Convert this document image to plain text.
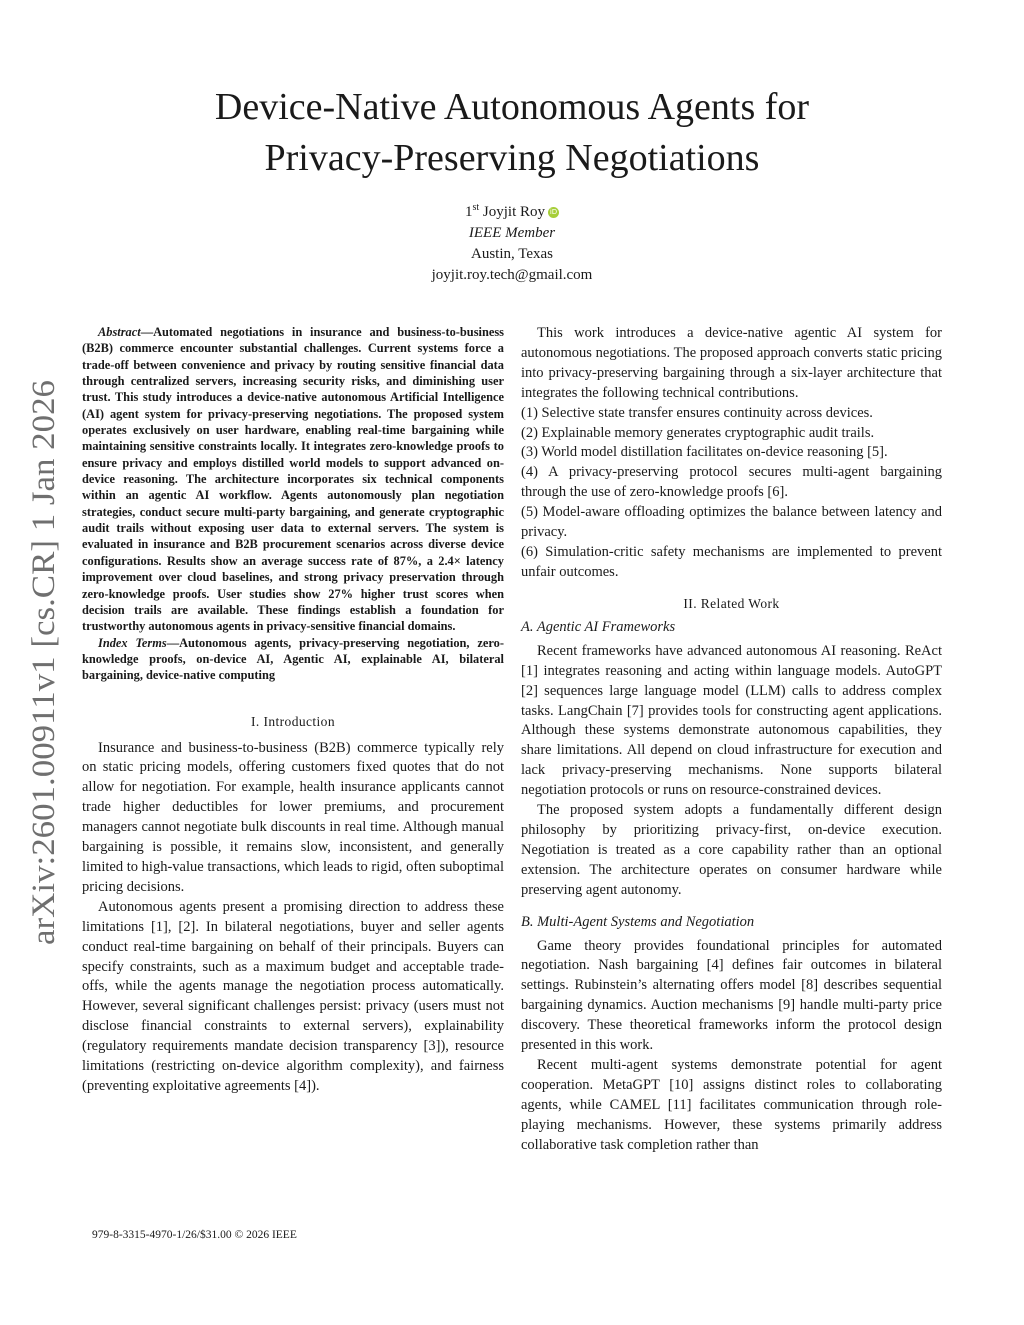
arXiv:2601.00911v1 [cs.CR] 1 Jan 2026
Device-Native Autonomous Agents for
Privacy-Preserving Negotiations
1st Joyjit Roy iD
IEEE Member
Austin, Texas
joyjit.roy.tech@gmail.com

Abstract—Automated negotiations in insurance and business-to-business (B2B) commerce encounter substantial challenges. Current systems force a trade-off between convenience and privacy by routing sensitive financial data through centralized servers, increasing security risks, and diminishing user trust. This study introduces a device-native autonomous Artificial Intelligence (AI) agent system for privacy-preserving negotiations. The proposed system operates exclusively on user hardware, enabling real-time bargaining while maintaining sensitive constraints locally. It integrates zero-knowledge proofs to ensure privacy and employs distilled world models to support advanced on-device reasoning. The architecture incorporates six technical components within an agentic AI workflow. Agents autonomously plan negotiation strategies, conduct secure multi-party bargaining, and generate cryptographic audit trails without exposing user data to external servers. The system is evaluated in insurance and B2B procurement scenarios across diverse device configurations. Results show an average success rate of 87%, a 2.4× latency improvement over cloud baselines, and strong privacy preservation through zero-knowledge proofs. User studies show 27% higher trust scores when decision trails are available. These findings establish a foundation for trustworthy autonomous agents in privacy-sensitive financial domains.

Index Terms—Autonomous agents, privacy-preserving negotiation, zero-knowledge proofs, on-device AI, Agentic AI, explainable AI, bilateral bargaining, device-native computing

I. Introduction

Insurance and business-to-business (B2B) commerce typically rely on static pricing models, offering customers fixed quotes that do not allow for negotiation. For example, health insurance applicants cannot trade higher deductibles for lower premiums, and procurement managers cannot negotiate bulk discounts in real time. Although manual bargaining is possible, it remains slow, inconsistent, and generally limited to high-value transactions, which leads to rigid, often suboptimal pricing decisions.

Autonomous agents present a promising direction to address these limitations [1], [2]. In bilateral negotiations, buyer and seller agents conduct real-time bargaining on behalf of their principals. Buyers can specify constraints, such as a maximum budget and acceptable trade-offs, while the agents manage the negotiation process automatically. However, several significant challenges persist: privacy (users must not disclose financial constraints to external servers), explainability (regulatory requirements mandate decision transparency [3]), resource limitations (restricting on-device algorithm complexity), and fairness (preventing exploitative agreements [4]).

This work introduces a device-native agentic AI system for autonomous negotiations. The proposed approach converts static pricing into privacy-preserving bargaining through a six-layer architecture that integrates the following technical contributions.

(1) Selective state transfer ensures continuity across devices.

(2) Explainable memory generates cryptographic audit trails.

(3) World model distillation facilitates on-device reasoning [5].

(4) A privacy-preserving protocol secures multi-agent bargaining through the use of zero-knowledge proofs [6].

(5) Model-aware offloading optimizes the balance between latency and privacy.

(6) Simulation-critic safety mechanisms are implemented to prevent unfair outcomes.

II. Related Work

A. Agentic AI Frameworks

Recent frameworks have advanced autonomous AI reasoning. ReAct [1] integrates reasoning and acting within language models. AutoGPT [2] sequences large language model (LLM) calls to address complex tasks. LangChain [7] provides tools for constructing agent applications. Although these systems demonstrate autonomous capabilities, they share limitations. All depend on cloud infrastructure for execution and lack privacy-preserving mechanisms. None supports bilateral negotiation protocols or runs on resource-constrained devices.

The proposed system adopts a fundamentally different design philosophy by prioritizing privacy-first, on-device execution. Negotiation is treated as a core capability rather than an optional extension. The architecture operates on consumer hardware while preserving agent autonomy.

B. Multi-Agent Systems and Negotiation

Game theory provides foundational principles for automated negotiation. Nash bargaining [4] defines fair outcomes in bilateral settings. Rubinstein’s alternating offers model [8] describes sequential bargaining dynamics. Auction mechanisms [9] handle multi-party price discovery. These theoretical frameworks inform the protocol design presented in this work.

Recent multi-agent systems demonstrate potential for agent cooperation. MetaGPT [10] assigns distinct roles to collaborating agents, while CAMEL [11] facilitates communication through role-playing mechanisms. However, these systems primarily address collaborative task completion rather than

979-8-3315-4970-1/26/$31.00 © 2026 IEEE
